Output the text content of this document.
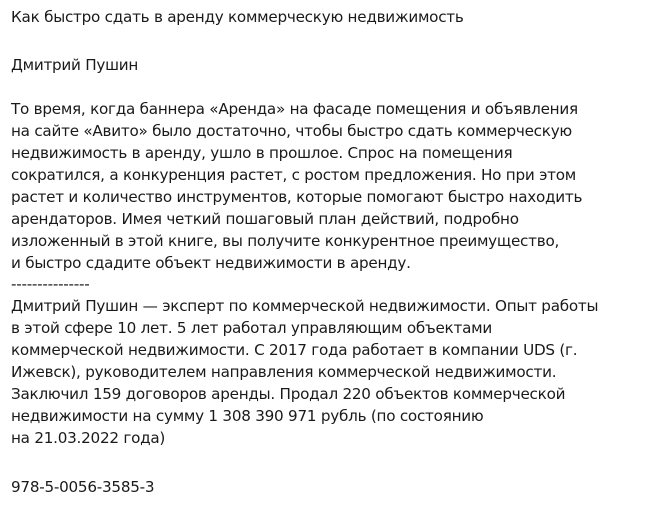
Как быстро сдать в аренду коммерческую недвижимость
Дмитрий Пушин
То время, когда баннера «Аренда» на фасаде помещения и объявления
на сайте «Авито» было достаточно, чтобы быстро сдать коммерческую
недвижимость в аренду, ушло в прошлое. Спрос на помещения
сократился, а конкуренция растет, с ростом предложения. Но при этом
растет и количество инструментов, которые помогают быстро находить
арендаторов. Имея четкий пошаговый план действий, подробно
изложенный в этой книге, вы получите конкурентное преимущество,
и быстро сдадите объект недвижимости в аренду.
---------------
Дмитрий Пушин — эксперт по коммерческой недвижимости. Опыт работы
в этой сфере 10 лет. 5 лет работал управляющим объектами
коммерческой недвижимости. С 2017 года работает в компании UDS (г.
Ижевск), руководителем направления коммерческой недвижимости.
Заключил 159 договоров аренды. Продал 220 объектов коммерческой
недвижимости на сумму 1 308 390 971 рубль (по состоянию
на 21.03.2022 года)
978-5-0056-3585-3
